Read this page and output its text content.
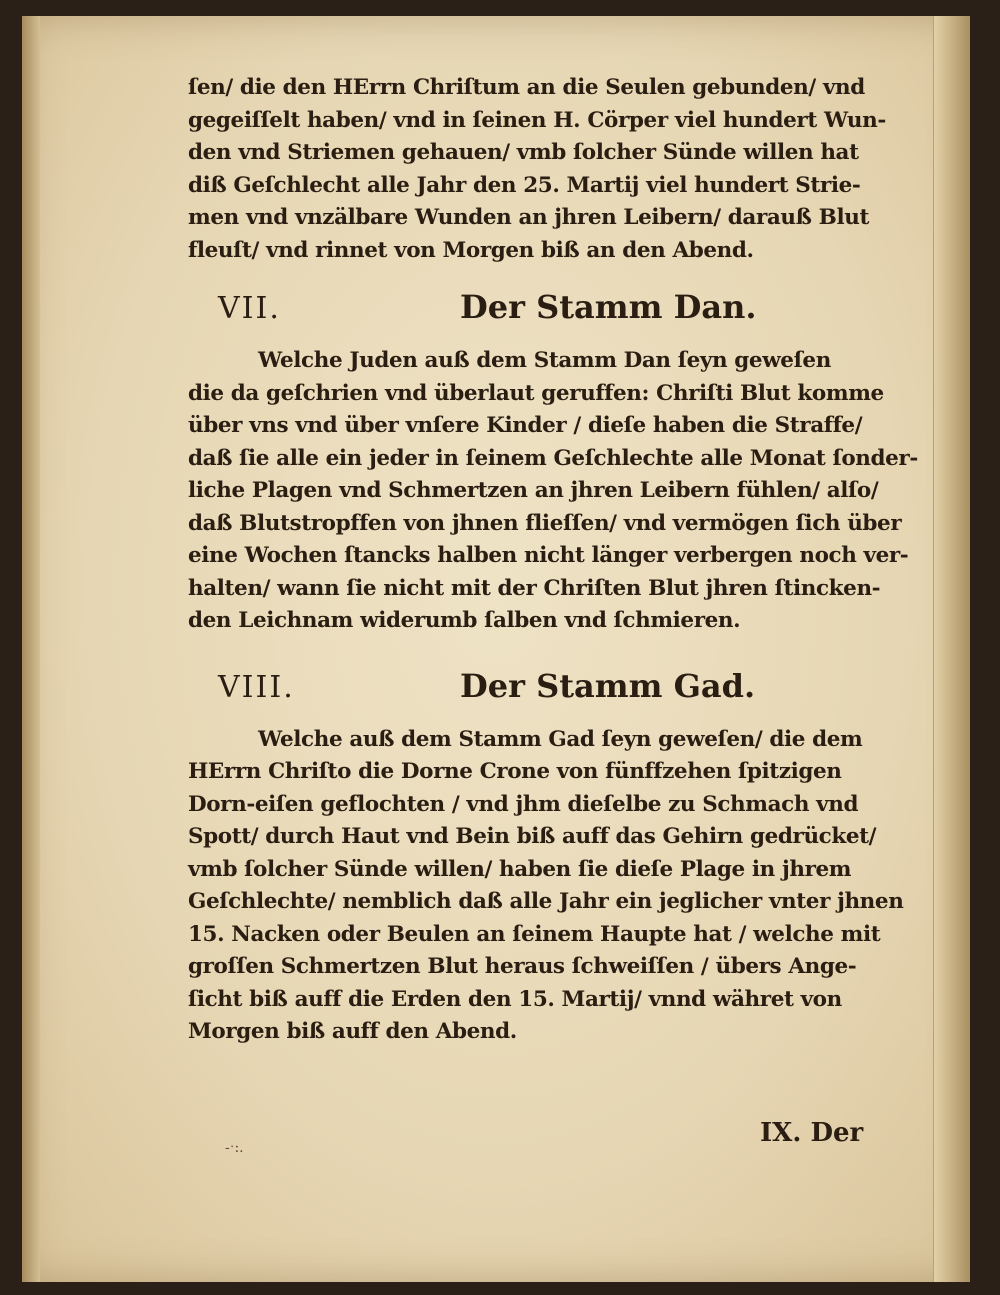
ſen/ die den HErrn Chriſtum an die Seulen gebunden/ vnd
gegeiſſelt haben/ vnd in ſeinen H. Cörper viel hundert Wun-
den vnd Striemen gehauen/ vmb ſolcher Sünde willen hat
diß Geſchlecht alle Jahr den 25. Martij viel hundert Strie-
men vnd vnzälbare Wunden an jhren Leibern/ darauß Blut
fleuſt/ vnd rinnet von Morgen biß an den Abend.
VII.	Der Stamm Dan.
Welche Juden auß dem Stamm Dan ſeyn geweſen
die da geſchrien vnd überlaut geruffen: Chriſti Blut komme
über vns vnd über vnſere Kinder / dieſe haben die Straffe/
daß ſie alle ein jeder in ſeinem Geſchlechte alle Monat ſonder-
liche Plagen vnd Schmertzen an jhren Leibern fühlen/ alſo/
daß Blutstropffen von jhnen flieſſen/ vnd vermögen ſich über
eine Wochen ſtancks halben nicht länger verbergen noch ver-
halten/ wann ſie nicht mit der Chriſten Blut jhren ſtincken-
den Leichnam widerumb ſalben vnd ſchmieren.
VIII.	Der Stamm Gad.
Welche auß dem Stamm Gad ſeyn geweſen/ die dem
HErrn Chriſto die Dorne Crone von fünffzehen ſpitzigen
Dorn-eiſen geflochten / vnd jhm dieſelbe zu Schmach vnd
Spott/ durch Haut vnd Bein biß auff das Gehirn gedrücket/
vmb ſolcher Sünde willen/ haben ſie dieſe Plage in jhrem
Geſchlechte/ nemblich daß alle Jahr ein jeglicher vnter jhnen
15. Nacken oder Beulen an ſeinem Haupte hat / welche mit
groſſen Schmertzen Blut heraus ſchweiſſen / übers Ange-
ſicht biß auff die Erden den 15. Martij/ vnnd währet von
Morgen biß auff den Abend.
-ˑ:.	IX. Der
